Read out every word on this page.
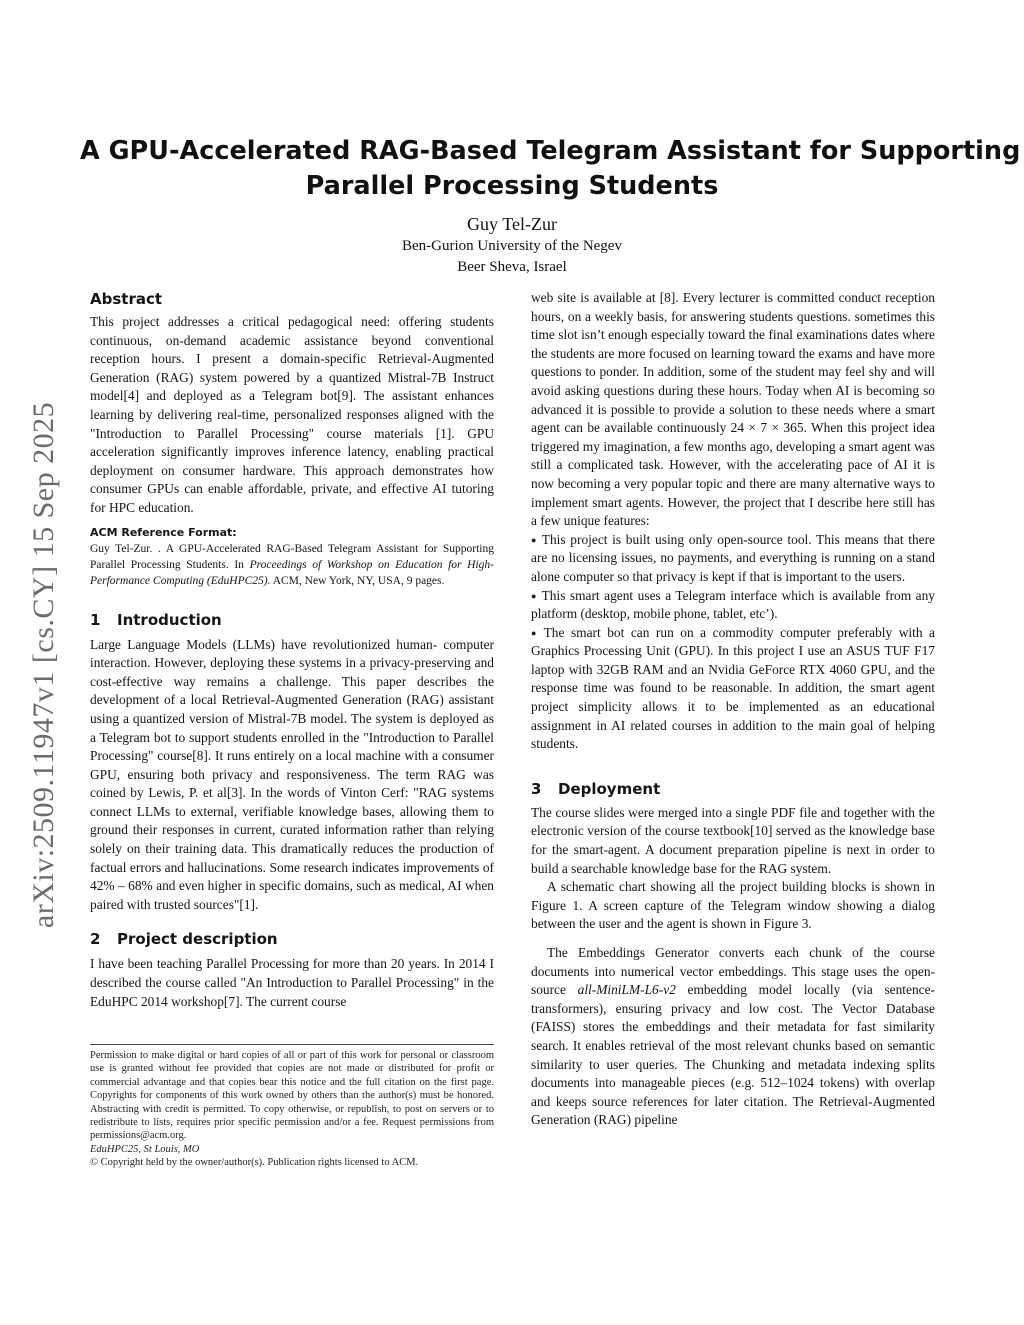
arXiv:2509.11947v1 [cs.CY] 15 Sep 2025
A GPU-Accelerated RAG-Based Telegram Assistant for Supporting
Parallel Processing Students
Guy Tel-Zur
Ben-Gurion University of the Negev
Beer Sheva, Israel
Abstract

This project addresses a critical pedagogical need: offering students continuous, on-demand academic assistance beyond conventional reception hours. I present a domain-specific Retrieval-Augmented Generation (RAG) system powered by a quantized Mistral-7B Instruct model[4] and deployed as a Telegram bot[9]. The assistant enhances learning by delivering real-time, personalized responses aligned with the "Introduction to Parallel Processing" course materials [1]. GPU acceleration significantly improves inference latency, enabling practical deployment on consumer hardware. This approach demonstrates how consumer GPUs can enable affordable, private, and effective AI tutoring for HPC education.

ACM Reference Format:

Guy Tel-Zur. . A GPU-Accelerated RAG-Based Telegram Assistant for Supporting Parallel Processing Students. In Proceedings of Workshop on Education for High-Performance Computing (EduHPC25). ACM, New York, NY, USA, 9 pages.

1 Introduction

Large Language Models (LLMs) have revolutionized human- computer interaction. However, deploying these systems in a privacy-preserving and cost-effective way remains a challenge. This paper describes the development of a local Retrieval-Augmented Generation (RAG) assistant using a quantized version of Mistral-7B model. The system is deployed as a Telegram bot to support students enrolled in the "Introduction to Parallel Processing" course[8]. It runs entirely on a local machine with a consumer GPU, ensuring both privacy and responsiveness. The term RAG was coined by Lewis, P. et al[3]. In the words of Vinton Cerf: "RAG systems connect LLMs to external, verifiable knowledge bases, allowing them to ground their responses in current, curated information rather than relying solely on their training data. This dramatically reduces the production of factual errors and hallucinations. Some research indicates improvements of 42% – 68% and even higher in specific domains, such as medical, AI when paired with trusted sources"[1].

2 Project description

I have been teaching Parallel Processing for more than 20 years. In 2014 I described the course called "An Introduction to Parallel Processing" in the EduHPC 2014 workshop[7]. The current course

Permission to make digital or hard copies of all or part of this work for personal or classroom use is granted without fee provided that copies are not made or distributed for profit or commercial advantage and that copies bear this notice and the full citation on the first page. Copyrights for components of this work owned by others than the author(s) must be honored. Abstracting with credit is permitted. To copy otherwise, or republish, to post on servers or to redistribute to lists, requires prior specific permission and/or a fee. Request permissions from permissions@acm.org.

EduHPC25, St Louis, MO

© Copyright held by the owner/author(s). Publication rights licensed to ACM.

web site is available at [8]. Every lecturer is committed conduct reception hours, on a weekly basis, for answering students questions. sometimes this time slot isn’t enough especially toward the final examinations dates where the students are more focused on learning toward the exams and have more questions to ponder. In addition, some of the student may feel shy and will avoid asking questions during these hours. Today when AI is becoming so advanced it is possible to provide a solution to these needs where a smart agent can be available continuously 24 × 7 × 365. When this project idea triggered my imagination, a few months ago, developing a smart agent was still a complicated task. However, with the accelerating pace of AI it is now becoming a very popular topic and there are many alternative ways to implement smart agents. However, the project that I describe here still has a few unique features:

● This project is built using only open-source tool. This means that there are no licensing issues, no payments, and everything is running on a stand alone computer so that privacy is kept if that is important to the users.

● This smart agent uses a Telegram interface which is available from any platform (desktop, mobile phone, tablet, etc’).

● The smart bot can run on a commodity computer preferably with a Graphics Processing Unit (GPU). In this project I use an ASUS TUF F17 laptop with 32GB RAM and an Nvidia GeForce RTX 4060 GPU, and the response time was found to be reasonable. In addition, the smart agent project simplicity allows it to be implemented as an educational assignment in AI related courses in addition to the main goal of helping students.

3 Deployment

The course slides were merged into a single PDF file and together with the electronic version of the course textbook[10] served as the knowledge base for the smart-agent. A document preparation pipeline is next in order to build a searchable knowledge base for the RAG system.

A schematic chart showing all the project building blocks is shown in Figure 1. A screen capture of the Telegram window showing a dialog between the user and the agent is shown in Figure 3.

The Embeddings Generator converts each chunk of the course documents into numerical vector embeddings. This stage uses the open-source all-MiniLM-L6-v2 embedding model locally (via sentence-transformers), ensuring privacy and low cost. The Vector Database (FAISS) stores the embeddings and their metadata for fast similarity search. It enables retrieval of the most relevant chunks based on semantic similarity to user queries. The Chunking and metadata indexing splits documents into manageable pieces (e.g. 512–1024 tokens) with overlap and keeps source references for later citation. The Retrieval-Augmented Generation (RAG) pipeline
